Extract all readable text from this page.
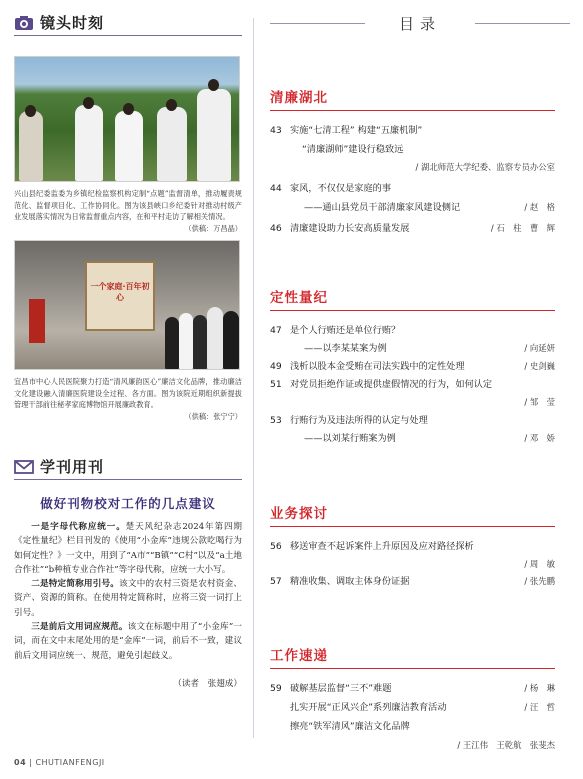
镜头时刻

兴山县纪委监委为乡镇纪检监察机构定制“点题”监督清单，推动履责规范化、监督项目化、工作协同化。图为该县峡口乡纪委针对推动村级产业发展落实情况为日常监督重点内容，在和平村走访了解相关情况。
（供稿：万昌晶）

一个家庭·百年初心

宜昌市中心人民医院聚力打造“清风廉韵医心”廉洁文化品牌，推动廉洁文化建设融入清廉医院建设全过程、各方面。图为该院近期组织新提拔管理干部前往秘孝家庭博物馆开展廉政教育。
（供稿：张宁宁）

学刊用刊
做好刊物校对工作的几点建议

一是字母代称应统一。楚天风纪杂志2024年第四期《定性量纪》栏目刊发的《使用“小金库”违规公款吃喝行为如何定性？》一文中，用到了“A市”“B镇”“C村”以及“a土地合作社”“b种植专业合作社”等字母代称，应统一大小写。

二是特定简称用引号。该文中的农村三资是农村资金、资产、资源的简称。在使用特定简称时，应将三资一词打上引号。

三是前后文用词应规范。该文在标题中用了“小金库”一词，而在文中末尾处用的是“金库”一词，前后不一致，建议前后文用词应统一、规范，避免引起歧义。

（读者　张翅成）
目录
清廉湖北
43 实施“七清工程” 构建“五廉机制”
“清廉湖师”建设行稳致远
/ 湖北师范大学纪委、监察专员办公室
44 家风，不仅仅是家庭的事
——通山县党员干部清廉家风建设侧记	/ 赵　格
46 清廉建设助力长安高质量发展	/ 石　柱　曹　辉
定性量纪
47 是个人行贿还是单位行贿？
——以李某某案为例	/ 向延妍
49 浅析以股本金受贿在司法实践中的定性处理	/ 史剑巍
51 对党员拒绝作证或提供虚假情况的行为，如何认定
/ 邹　莹
53 行贿行为及违法所得的认定与处理
——以刘某行贿案为例	/ 邓　娇
业务探讨
56 移送审查不起诉案件上升原因及应对路径探析
/ 周　敏
57 精准收集、调取主体身份证据	/ 张先鹏
工作速递
59 破解基层监督“三不”难题	/ 杨　琳
扎实开展“正风兴企”系列廉洁教育活动	/ 汪　哲
擦亮“铁军清风”廉洁文化品牌
/ 王江伟　王乾航　张斐杰
04 | CHUTIANFENGJI
